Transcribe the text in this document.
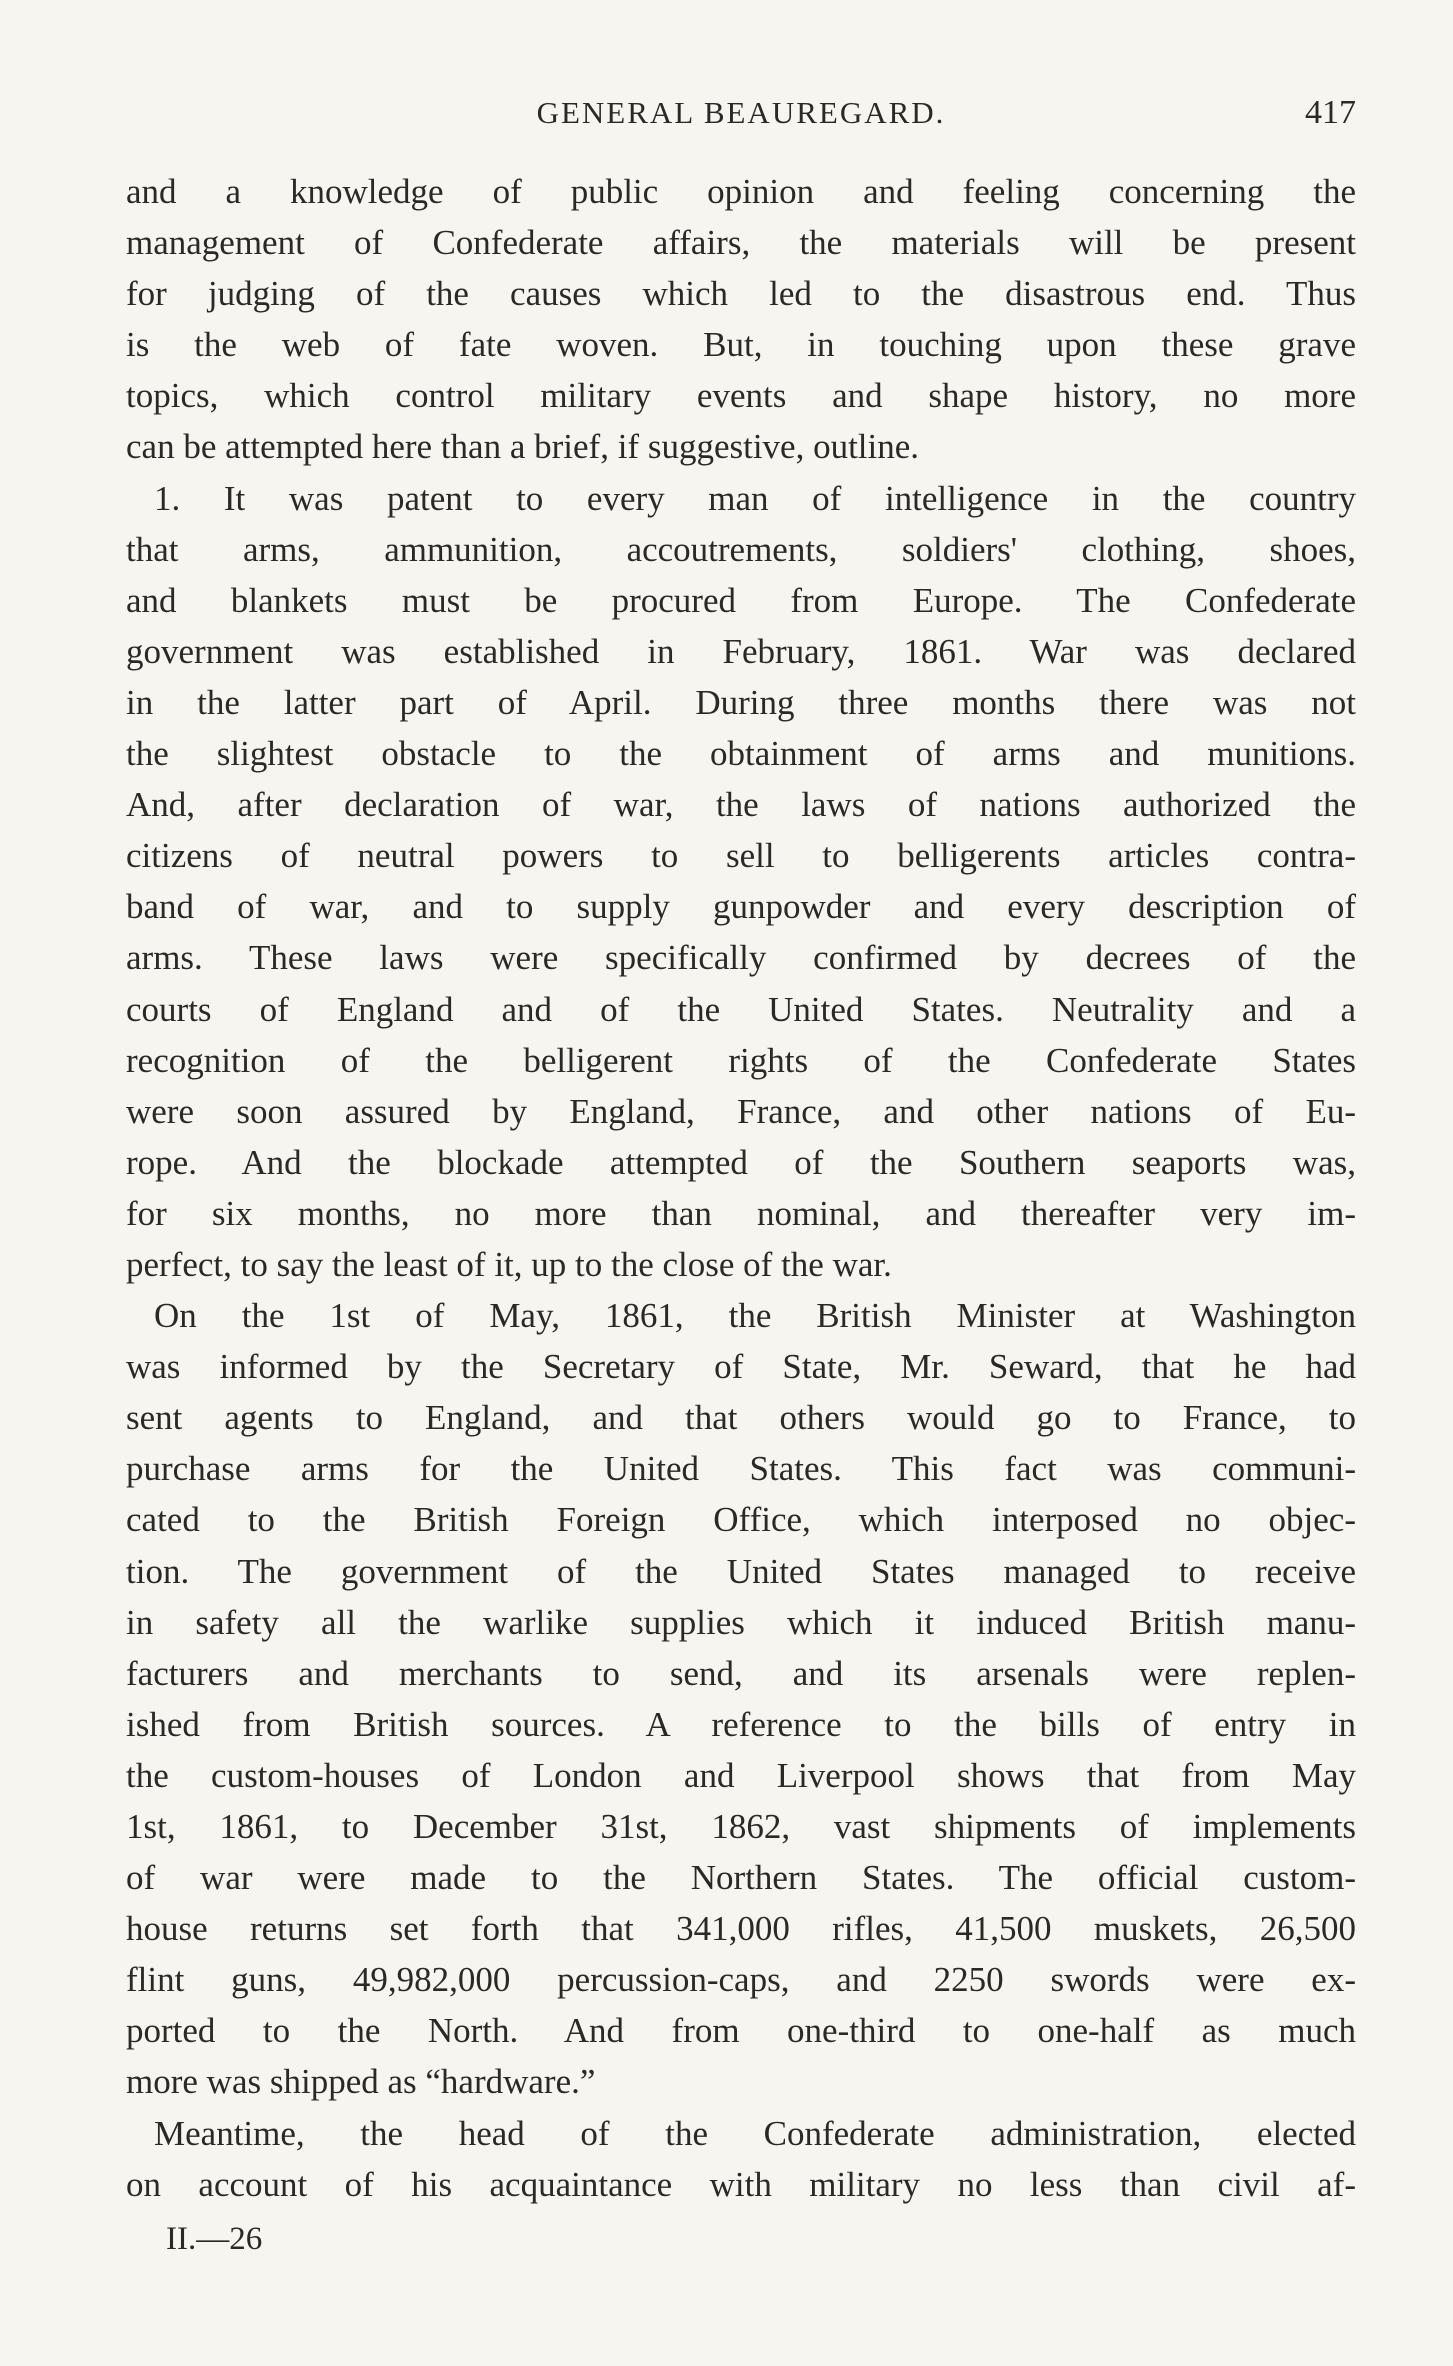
GENERAL BEAUREGARD.	417
and a knowledge of public opinion and feeling concerning the
management of Confederate affairs, the materials will be present
for judging of the causes which led to the disastrous end. Thus
is the web of fate woven. But, in touching upon these grave
topics, which control military events and shape history, no more
can be attempted here than a brief, if suggestive, outline.
1. It was patent to every man of intelligence in the country
that arms, ammunition, accoutrements, soldiers' clothing, shoes,
and blankets must be procured from Europe. The Confederate
government was established in February, 1861. War was declared
in the latter part of April. During three months there was not
the slightest obstacle to the obtainment of arms and munitions.
And, after declaration of war, the laws of nations authorized the
citizens of neutral powers to sell to belligerents articles contra-
band of war, and to supply gunpowder and every description of
arms. These laws were specifically confirmed by decrees of the
courts of England and of the United States. Neutrality and a
recognition of the belligerent rights of the Confederate States
were soon assured by England, France, and other nations of Eu-
rope. And the blockade attempted of the Southern seaports was,
for six months, no more than nominal, and thereafter very im-
perfect, to say the least of it, up to the close of the war.
On the 1st of May, 1861, the British Minister at Washington
was informed by the Secretary of State, Mr. Seward, that he had
sent agents to England, and that others would go to France, to
purchase arms for the United States. This fact was communi-
cated to the British Foreign Office, which interposed no objec-
tion. The government of the United States managed to receive
in safety all the warlike supplies which it induced British manu-
facturers and merchants to send, and its arsenals were replen-
ished from British sources. A reference to the bills of entry in
the custom-houses of London and Liverpool shows that from May
1st, 1861, to December 31st, 1862, vast shipments of implements
of war were made to the Northern States. The official custom-
house returns set forth that 341,000 rifles, 41,500 muskets, 26,500
flint guns, 49,982,000 percussion-caps, and 2250 swords were ex-
ported to the North. And from one-third to one-half as much
more was shipped as “hardware.”
Meantime, the head of the Confederate administration, elected
on account of his acquaintance with military no less than civil af-
II.—26
